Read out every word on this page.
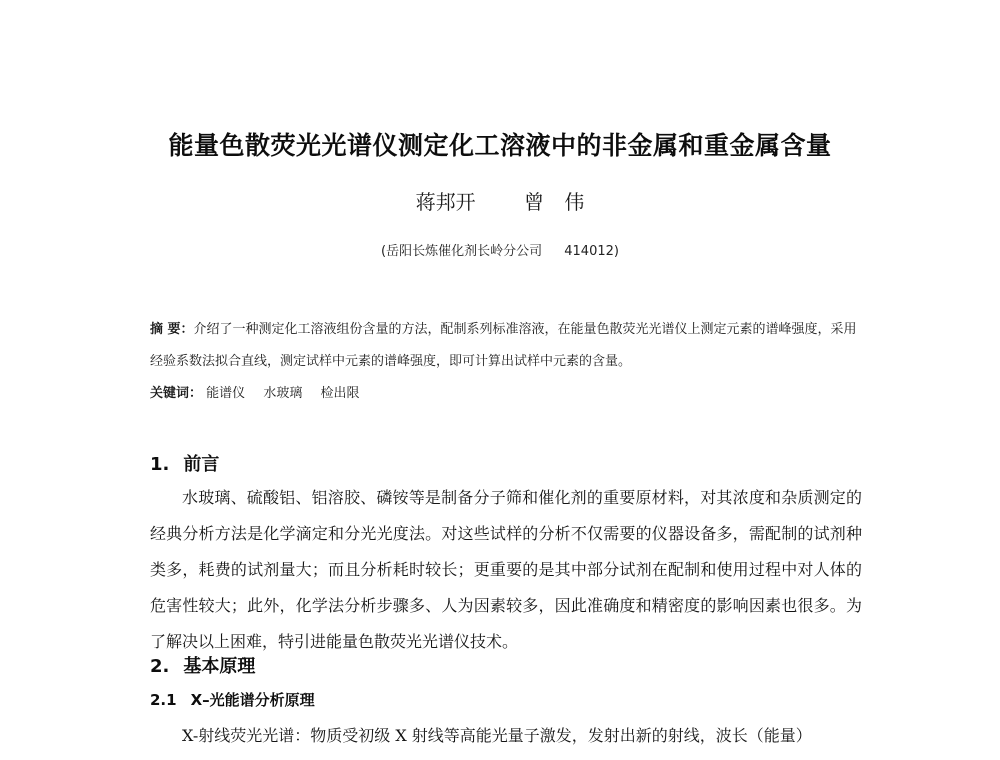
能量色散荧光光谱仪测定化工溶液中的非金属和重金属含量
蒋邦开 曾 伟
(岳阳长炼催化剂长岭分公司 414012)
摘 要：介绍了一种测定化工溶液组份含量的方法，配制系列标准溶液，在能量色散荧光光谱仪上测定元素的谱峰强度，采用经验系数法拟合直线，测定试样中元素的谱峰强度，即可计算出试样中元素的含量。
关键词： 能谱仪 水玻璃 检出限
1. 前言
水玻璃、硫酸铝、铝溶胶、磷铵等是制备分子筛和催化剂的重要原材料，对其浓度和杂质测定的经典分析方法是化学滴定和分光光度法。对这些试样的分析不仅需要的仪器设备多，需配制的试剂种类多，耗费的试剂量大；而且分析耗时较长；更重要的是其中部分试剂在配制和使用过程中对人体的危害性较大；此外，化学法分析步骤多、人为因素较多，因此准确度和精密度的影响因素也很多。为了解决以上困难，特引进能量色散荧光光谱仪技术。
2. 基本原理
2.1 X–光能谱分析原理
X-射线荧光光谱：物质受初级 X 射线等高能光量子激发，发射出新的射线，波长（能量）
